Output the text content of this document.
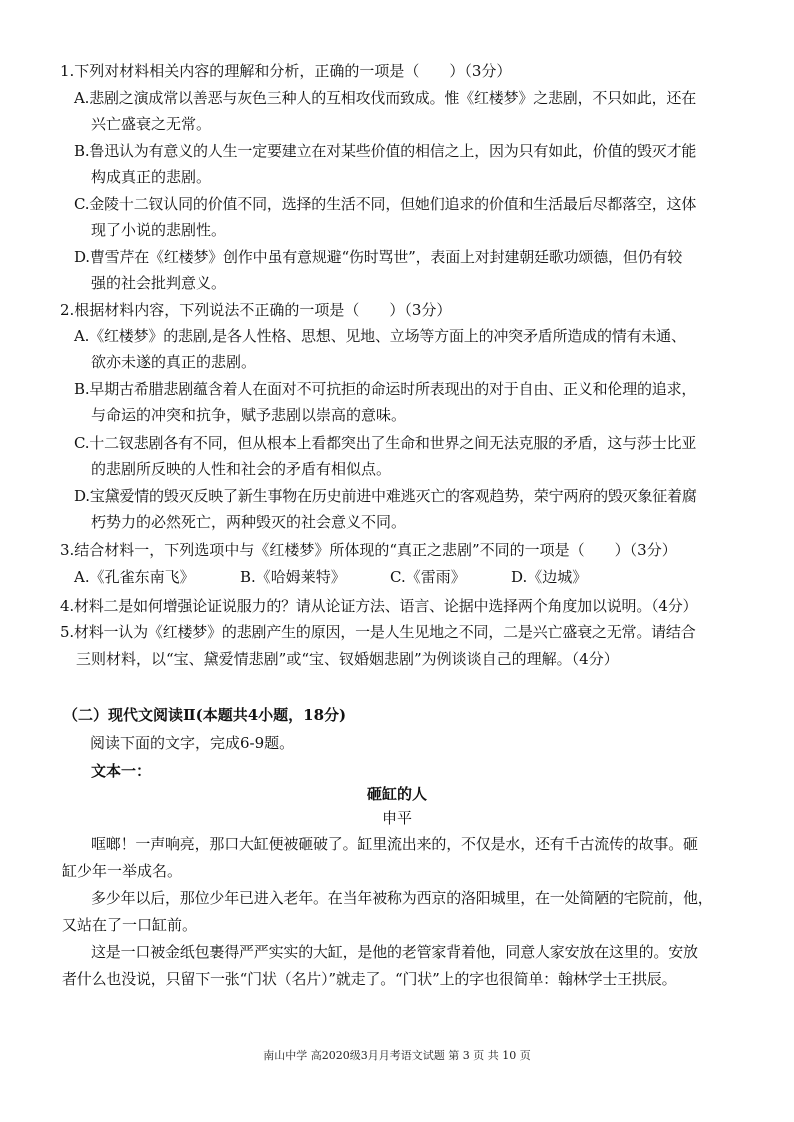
1.下列对材料相关内容的理解和分析，正确的一项是（　　）（3分）
A.悲剧之演成常以善恶与灰色三种人的互相攻伐而致成。惟《红楼梦》之悲剧，不只如此，还在
兴亡盛衰之无常。
B.鲁迅认为有意义的人生一定要建立在对某些价值的相信之上，因为只有如此，价值的毁灭才能
构成真正的悲剧。
C.金陵十二钗认同的价值不同，选择的生活不同，但她们追求的价值和生活最后尽都落空，这体
现了小说的悲剧性。
D.曹雪芹在《红楼梦》创作中虽有意规避“伤时骂世”，表面上对封建朝廷歌功颂德，但仍有较
强的社会批判意义。
2.根据材料内容，下列说法不正确的一项是（　　）（3分）
A.《红楼梦》的悲剧,是各人性格、思想、见地、立场等方面上的冲突矛盾所造成的情有未通、
欲亦未遂的真正的悲剧。
B.早期古希腊悲剧蕴含着人在面对不可抗拒的命运时所表现出的对于自由、正义和伦理的追求，
与命运的冲突和抗争，赋予悲剧以崇高的意味。
C.十二钗悲剧各有不同，但从根本上看都突出了生命和世界之间无法克服的矛盾，这与莎士比亚
的悲剧所反映的人性和社会的矛盾有相似点。
D.宝黛爱情的毁灭反映了新生事物在历史前进中难逃灭亡的客观趋势，荣宁两府的毁灭象征着腐
朽势力的必然死亡，两种毁灭的社会意义不同。
3.结合材料一，下列选项中与《红楼梦》所体现的“真正之悲剧”不同的一项是（　　）（3分）
A.《孔雀东南飞》	B.《哈姆莱特》	C.《雷雨》	D.《边城》
4.材料二是如何增强论证说服力的？请从论证方法、语言、论据中选择两个角度加以说明。（4分）
5.材料一认为《红楼梦》的悲剧产生的原因，一是人生见地之不同，二是兴亡盛衰之无常。请结合
三则材料，以“宝、黛爱情悲剧”或“宝、钗婚姻悲剧”为例谈谈自己的理解。（4分）
（二）现代文阅读Ⅱ(本题共4小题，18分)
阅读下面的文字，完成6-9题。
文本一：
砸缸的人
申平
哐啷！一声响亮，那口大缸便被砸破了。缸里流出来的，不仅是水，还有千古流传的故事。砸
缸少年一举成名。
多少年以后，那位少年已进入老年。在当年被称为西京的洛阳城里，在一处简陋的宅院前，他，
又站在了一口缸前。
这是一口被金纸包裹得严严实实的大缸，是他的老管家背着他，同意人家安放在这里的。安放
者什么也没说，只留下一张“门状（名片）”就走了。“门状”上的字也很简单：翰林学士王拱辰。
南山中学 高2020级3月月考语文试题 第 3 页 共 10 页
